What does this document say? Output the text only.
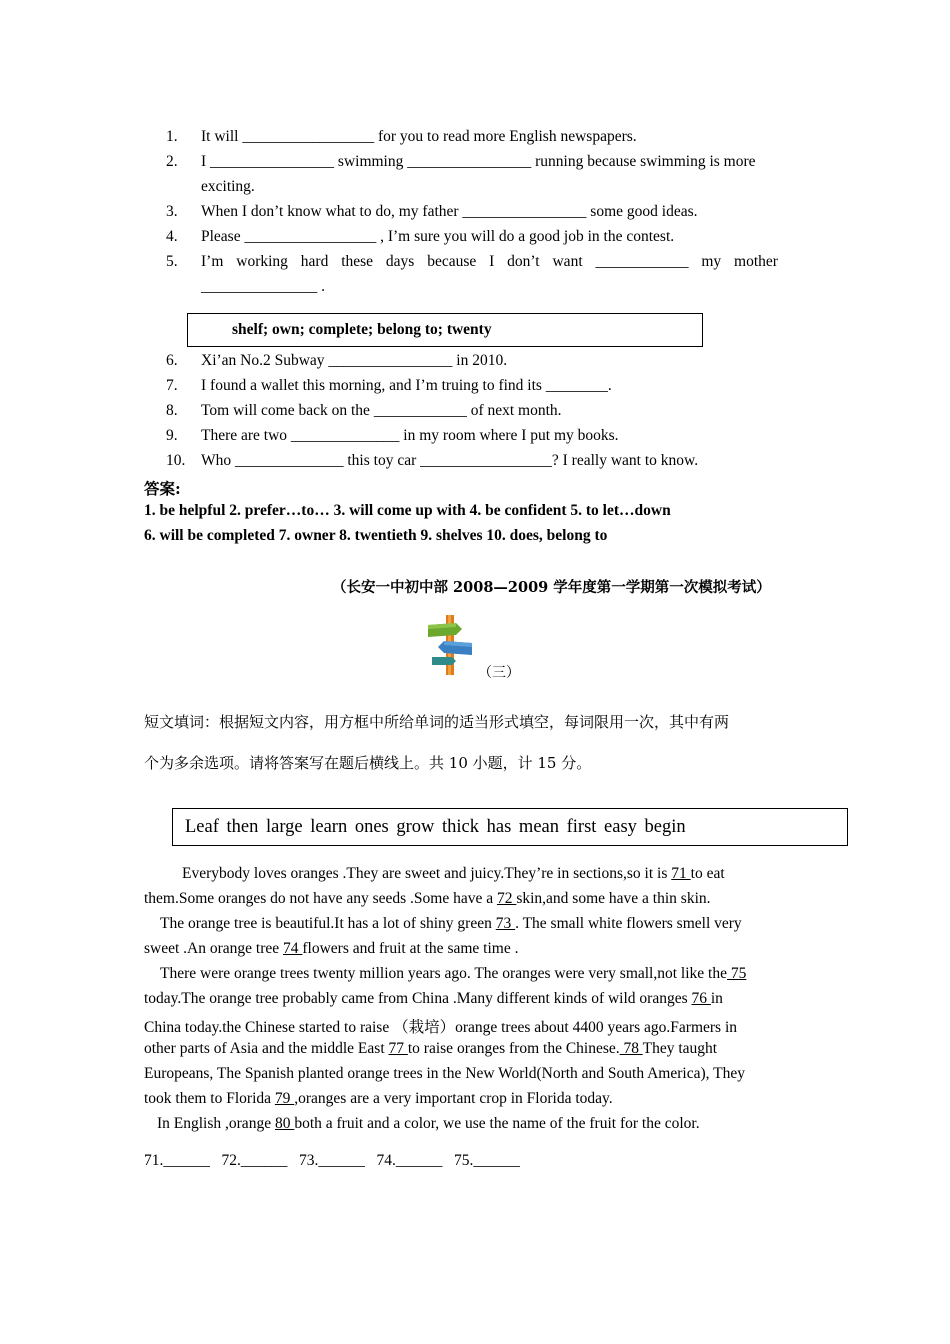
1. It will _________________ for you to read more English newspapers.
2. I ________________ swimming ________________ running because swimming is more
exciting.
3. When I don’t know what to do, my father ________________ some good ideas.
4. Please _________________ , I’m sure you will do a good job in the contest.
5. I’m working hard these days because I don’t want ____________ my mother
_______________ .
shelf; own; complete; belong to; twenty
6. Xi’an No.2 Subway ________________ in 2010.
7. I found a wallet this morning, and I’m truing to find its ________.
8. Tom will come back on the ____________ of next month.
9. There are two ______________ in my room where I put my books.
10. Who ______________ this toy car _________________? I really want to know.
答案:
1. be helpful 2. prefer…to… 3. will come up with 4. be confident 5. to let…down
6. will be completed 7. owner 8. twentieth 9. shelves 10. does, belong to
（长安一中初中部 2008—2009 学年度第一学期第一次模拟考试）
（三）
短文填词：根据短文内容，用方框中所给单词的适当形式填空，每词限用一次，其中有两
个为多余选项。请将答案写在题后横线上。共 10 小题，计 15 分。
Leaf then large learn ones grow thick has mean first easy begin
Everybody loves oranges .They are sweet and juicy.They’re in sections,so it is 71 to eat
them.Some oranges do not have any seeds .Some have a 72 skin,and some have a thin skin.
The orange tree is beautiful.It has a lot of shiny green 73 . The small white flowers smell very
sweet .An orange tree 74 flowers and fruit at the same time .
There were orange trees twenty million years ago. The oranges were very small,not like the 75
today.The orange tree probably came from China .Many different kinds of wild oranges 76 in
China today.the Chinese started to raise （栽培）orange trees about 4400 years ago.Farmers in
other parts of Asia and the middle East 77 to raise oranges from the Chinese. 78 They taught
Europeans, The Spanish planted orange trees in the New World(North and South America), They
took them to Florida 79 ,oranges are a very important crop in Florida today.
In English ,orange 80 both a fruit and a color, we use the name of the fruit for the color.
71.______   72.______   73.______   74.______   75.______
